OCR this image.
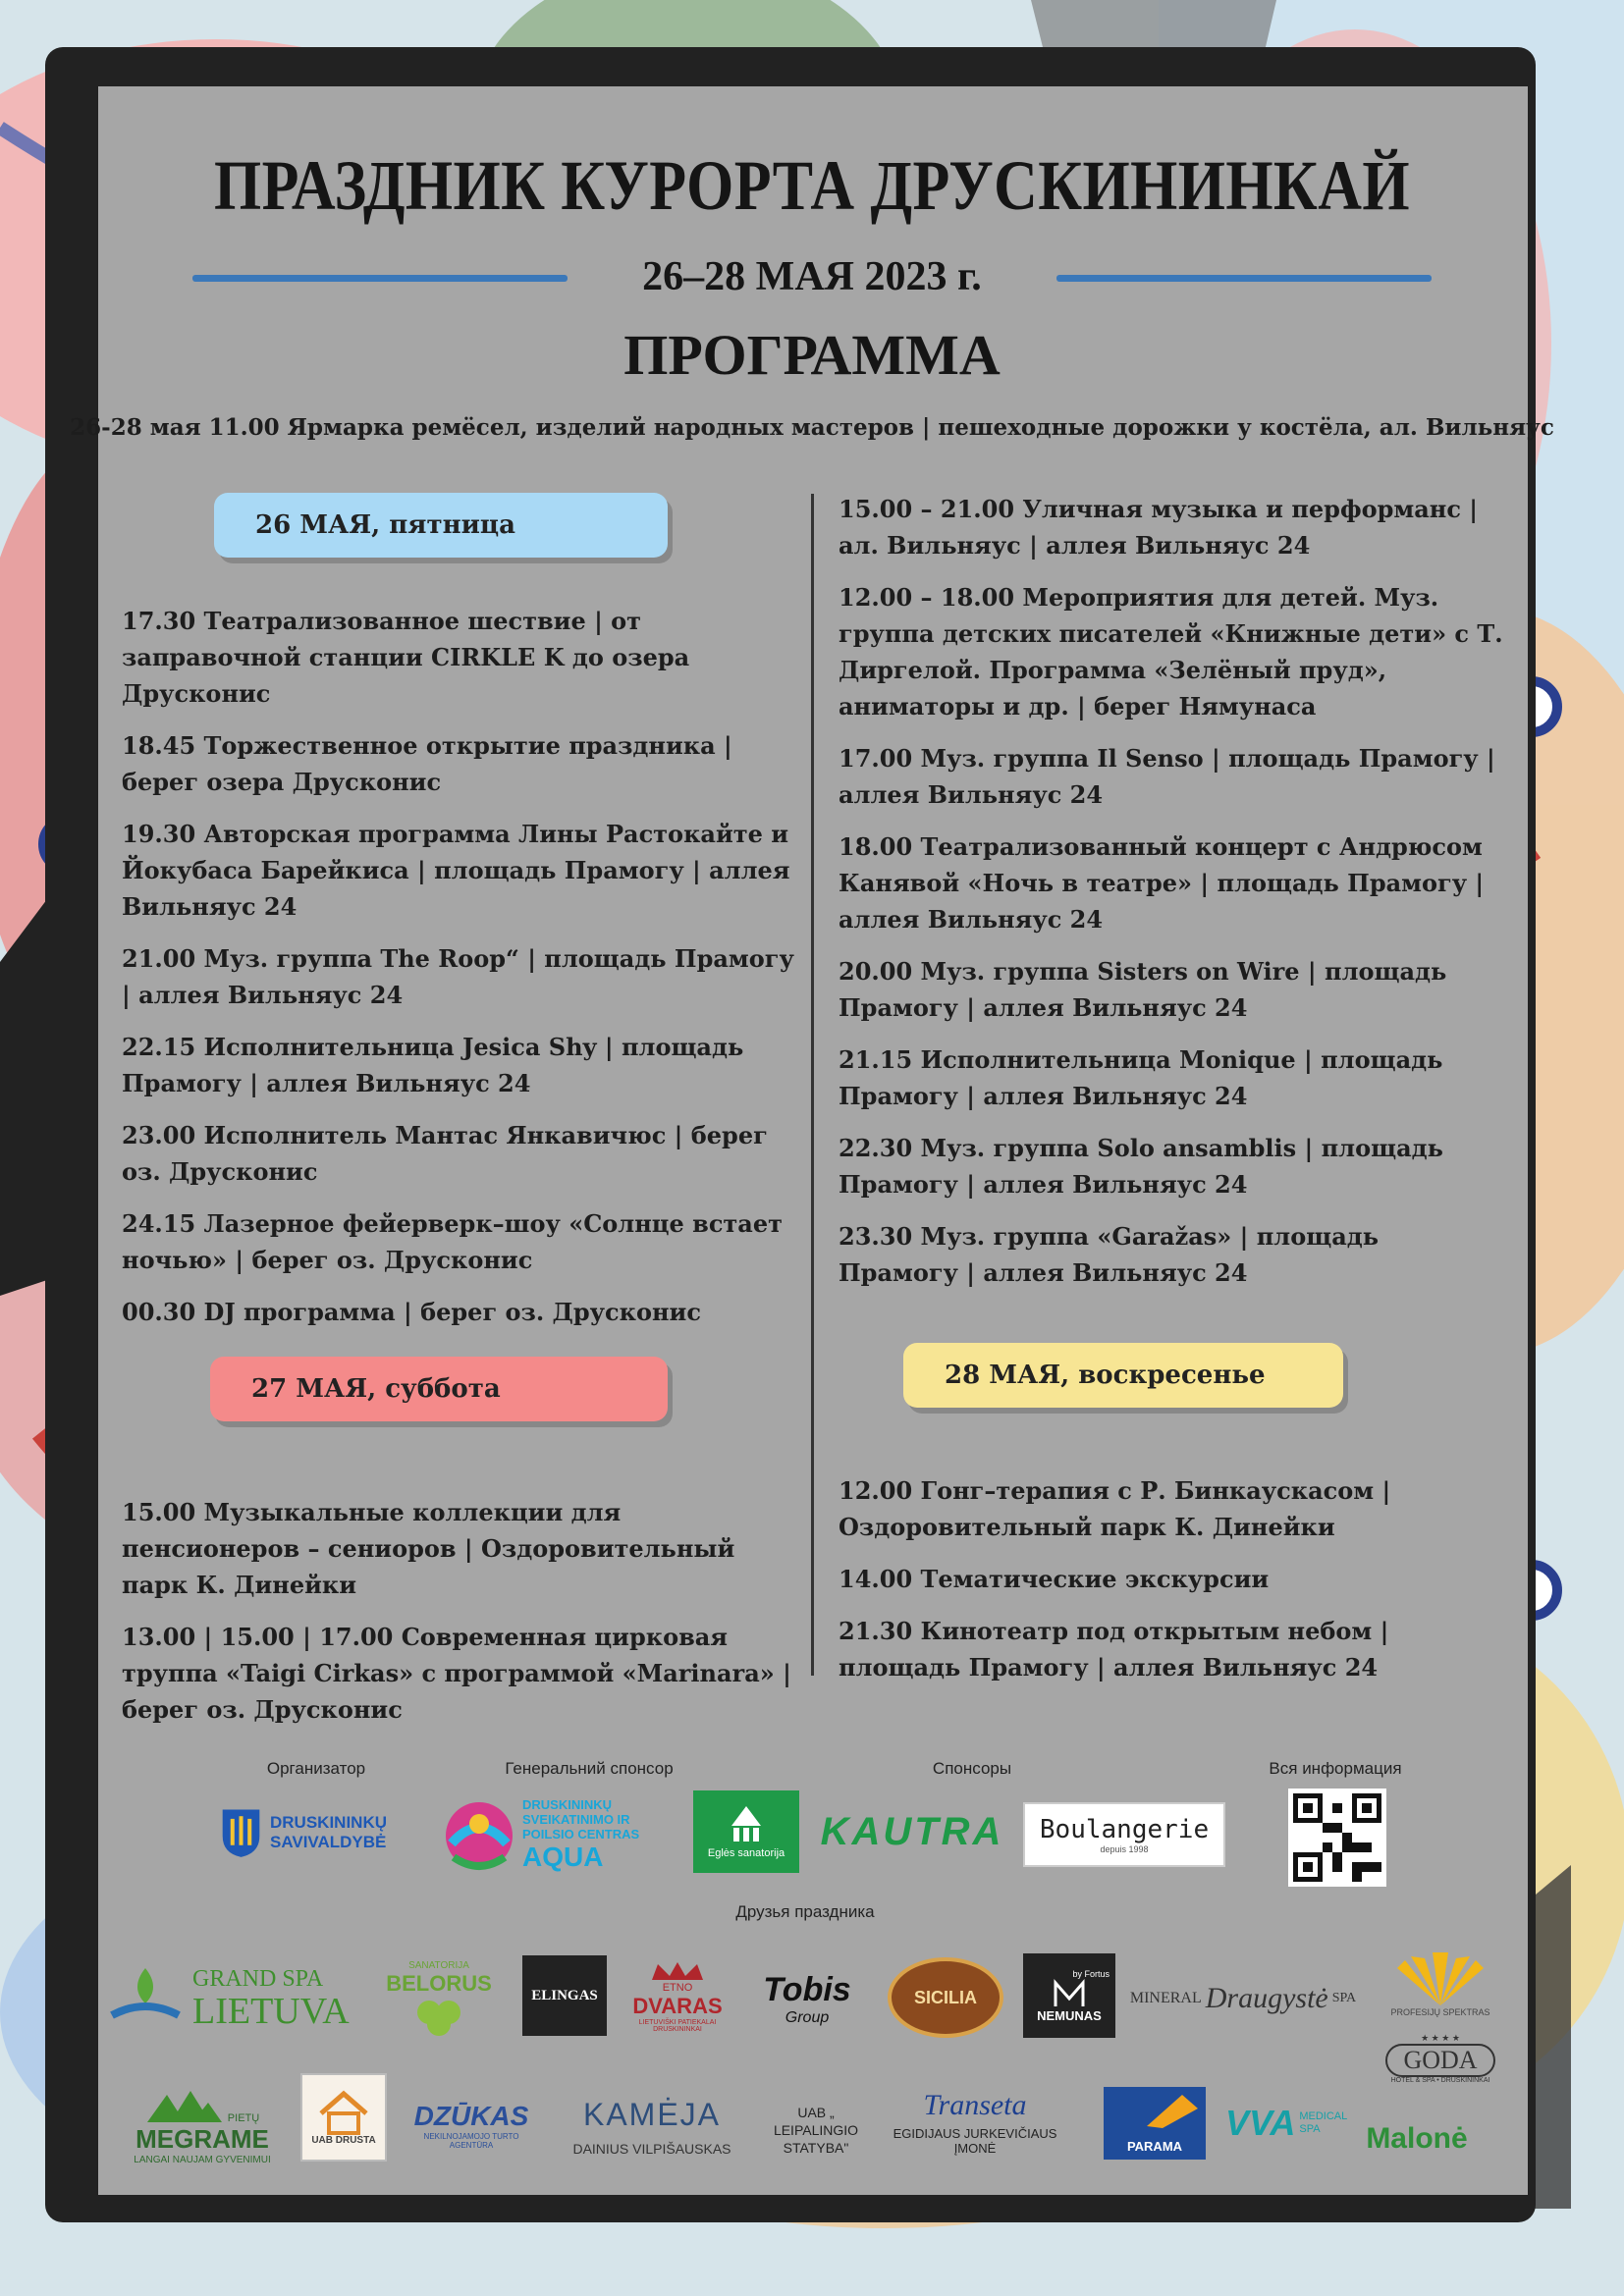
ПРАЗДНИК КУРОРТА ДРУСКИНИНКАЙ
26–28 МАЯ 2023 г.
ПРОГРАММА
26-28 мая 11.00 Ярмарка ремёсел, изделий народных мастеров | пешеходные дорожки у костёла, ал. Вильняус
26 МАЯ, пятница
27 МАЯ, суббота	28 МАЯ, воскресенье

17.30 Театрализованное шествие | от заправочной станции CIRKLE K до озера Друсконис

18.45 Торжественное открытие праздника | берег озера Друсконис

19.30 Авторская программа Лины Растокайте и Йокубаса Барейкиса | площадь Прамогу | аллея Вильняус 24

21.00 Муз. группа The Roop“ | площадь Прамогу | аллея Вильняус 24

22.15 Исполнительница Jesica Shy | площадь Прамогу | аллея Вильняус 24

23.00 Исполнитель Мантас Янкавичюс | берег оз. Друсконис

24.15 Лазерное фейерверк–шоу «Солнце встает ночью» | берег оз. Друсконис

00.30 DJ программа | берег оз. Друсконис

15.00 Музыкальные коллекции для пенсионеров – сениоров | Оздоровительный парк К. Динейки

13.00 | 15.00 | 17.00 Современная цирковая труппа «Taigi Cirkas» с программой «Marinara» | берег оз. Друсконис

15.00 – 21.00 Уличная музыка и перформанс | ал. Вильняус | аллея Вильняус 24

12.00 – 18.00 Мероприятия для детей. Муз. группа детских писателей «Книжные дети» с Т. Диргелой. Программа «Зелёный пруд», аниматоры и др. | берег Нямунаса

17.00 Муз. группа Il Senso | площадь Прамогу | аллея Вильняус 24

18.00 Театрализованный концерт с Андрюсом Канявой «Ночь в театре» | площадь Прамогу | аллея Вильняус 24

20.00 Муз. группа Sisters on Wire | площадь Прамогу | аллея Вильняус 24

21.15 Исполнительница Monique | площадь Прамогу | аллея Вильняус 24

22.30 Муз. группа Solo ansamblis | площадь Прамогу | аллея Вильняус 24

23.30 Муз. группа «Garažas» | площадь Прамогу | аллея Вильняус 24

12.00 Гонг–терапия с Р. Бинкаускасом | Оздоровительный парк К. Динейки

14.00 Тематические экскурсии

21.30 Кинотеатр под открытым небом | площадь Прамогу | аллея Вильняус 24

Организатор	Генеральний спонсор	Спонсоры	Вся информация
Друзья праздника
DRUSKININKŲ
SAVIVALDYBĖ
DRUSKININKŲ
SVEIKATINIMO IR
POILSIO CENTRAS
AQUA	Eglės sanatorija
KAUTRA Boulangerie
depuis 1998
GRAND SPA
LIETUVA
SANATORIJA
BELORUS	ELINGAS	ETNO
DVARAS
LIETUVIŠKI PATIEKALAI DRUSKININKAI
Tobis
Group
SICILIA
by Fortus
NEMUNAS
MINERAL Draugystė SPA
PROFESIJŲ SPEKTRAS
★ ★ ★ ★
GODA
HOTEL & SPA • DRUSKININKAI
PIETŲ
MEGRAME
LANGAI NAUJAM GYVENIMUI
UAB DRUSTA
DZŪKAS
NEKILNOJAMOJO TURTO AGENTŪRA
KAMĖJA
DAINIUS VILPIŠAUSKAS
UAB „
LEIPALINGIO
STATYBA"
Transeta
EGIDIJAUS JURKEVIČIAUS
ĮMONĖ	PARAMA
VVA MEDICAL
SPA	Malonė
